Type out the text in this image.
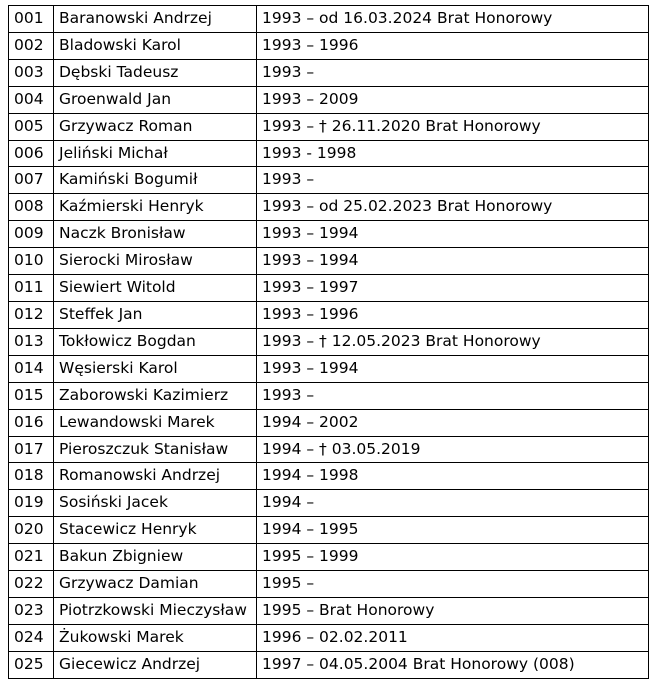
001	Baranowski Andrzej	1993 – od 16.03.2024 Brat Honorowy
002	Bladowski Karol	1993 – 1996
003	Dębski Tadeusz	1993 –
004	Groenwald Jan	1993 – 2009
005	Grzywacz Roman	1993 – † 26.11.2020 Brat Honorowy
006	Jeliński Michał	1993 - 1998
007	Kamiński Bogumił	1993 –
008	Kaźmierski Henryk	1993 – od 25.02.2023 Brat Honorowy
009	Naczk Bronisław	1993 – 1994
010	Sierocki Mirosław	1993 – 1994
011	Siewiert Witold	1993 – 1997
012	Steffek Jan	1993 – 1996
013	Tokłowicz Bogdan	1993 – † 12.05.2023 Brat Honorowy
014	Węsierski Karol	1993 – 1994
015	Zaborowski Kazimierz	1993 –
016	Lewandowski Marek	1994 – 2002
017	Pieroszczuk Stanisław	1994 – † 03.05.2019
018	Romanowski Andrzej	1994 – 1998
019	Sosiński Jacek	1994 –
020	Stacewicz Henryk	1994 – 1995
021	Bakun Zbigniew	1995 – 1999
022	Grzywacz Damian	1995 –
023	Piotrzkowski Mieczysław	1995 – Brat Honorowy
024	Żukowski Marek	1996 – 02.02.2011
025	Giecewicz Andrzej	1997 – 04.05.2004 Brat Honorowy (008)
